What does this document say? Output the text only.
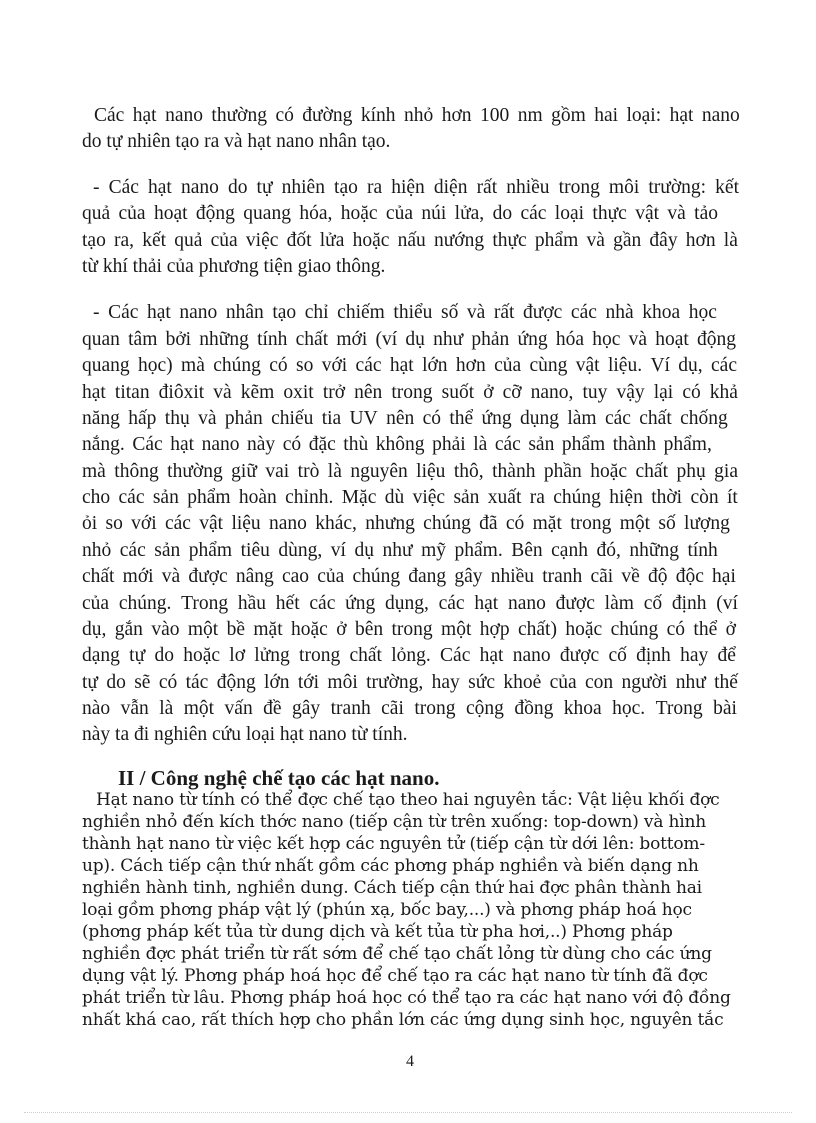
Các hạt nano thường có đường kính nhỏ hơn 100 nm gồm hai loại: hạt nano

do tự nhiên tạo ra và hạt nano nhân tạo.

- Các hạt nano do tự nhiên tạo ra hiện diện rất nhiều trong môi trường: kết

quả của hoạt động quang hóa, hoặc của núi lửa, do các loại thực vật và tảo

tạo ra, kết quả của việc đốt lửa hoặc nấu nướng thực phẩm và gần đây hơn là

từ khí thải của phương tiện giao thông.

- Các hạt nano nhân tạo chỉ chiếm thiểu số và rất được các nhà khoa học

quan tâm bởi những tính chất mới (ví dụ như phản ứng hóa học và hoạt động

quang học) mà chúng có so với các hạt lớn hơn của cùng vật liệu. Ví dụ, các

hạt titan điôxit và kẽm oxit trở nên trong suốt ở cỡ nano, tuy vậy lại có khả

năng hấp thụ và phản chiếu tia UV nên có thể ứng dụng làm các chất chống

nắng. Các hạt nano này có đặc thù không phải là các sản phẩm thành phẩm,

mà thông thường giữ vai trò là nguyên liệu thô, thành phần hoặc chất phụ gia

cho các sản phẩm hoàn chỉnh. Mặc dù việc sản xuất ra chúng hiện thời còn ít

ỏi so với các vật liệu nano khác, nhưng chúng đã có mặt trong một số lượng

nhỏ các sản phẩm tiêu dùng, ví dụ như mỹ phẩm. Bên cạnh đó, những tính

chất mới và được nâng cao của chúng đang gây nhiều tranh cãi về độ độc hại

của chúng. Trong hầu hết các ứng dụng, các hạt nano được làm cố định (ví

dụ, gắn vào một bề mặt hoặc ở bên trong một hợp chất) hoặc chúng có thể ở

dạng tự do hoặc lơ lửng trong chất lỏng. Các hạt nano được cố định hay để

tự do sẽ có tác động lớn tới môi trường, hay sức khoẻ của con người như thế

nào vẫn là một vấn đề gây tranh cãi trong cộng đồng khoa học. Trong bài

này ta đi nghiên cứu loại hạt nano từ tính.

II / Công nghệ chế tạo các hạt nano.

Hạt nano từ tính có thể đợc chế tạo theo hai nguyên tắc: Vật liệu khối đợc

nghiền nhỏ đến kích thớc nano (tiếp cận từ trên xuống: top-down) và hình

thành hạt nano từ việc kết hợp các nguyên tử (tiếp cận từ dới lên: bottom-

up). Cách tiếp cận thứ nhất gồm các phơng pháp nghiền và biến dạng nh

nghiền hành tinh, nghiền dung. Cách tiếp cận thứ hai đợc phân thành hai

loại gồm phơng pháp vật lý (phún xạ, bốc bay,...) và phơng pháp hoá học

(phơng pháp kết tủa từ dung dịch và kết tủa từ pha hơi,..) Phơng pháp

nghiền đợc phát triển từ rất sớm để chế tạo chất lỏng từ dùng cho các ứng

dụng vật lý. Phơng pháp hoá học để chế tạo ra các hạt nano từ tính đã đợc

phát triển từ lâu. Phơng pháp hoá học có thể tạo ra các hạt nano với độ đồng

nhất khá cao, rất thích hợp cho phần lớn các ứng dụng sinh học, nguyên tắc

4
